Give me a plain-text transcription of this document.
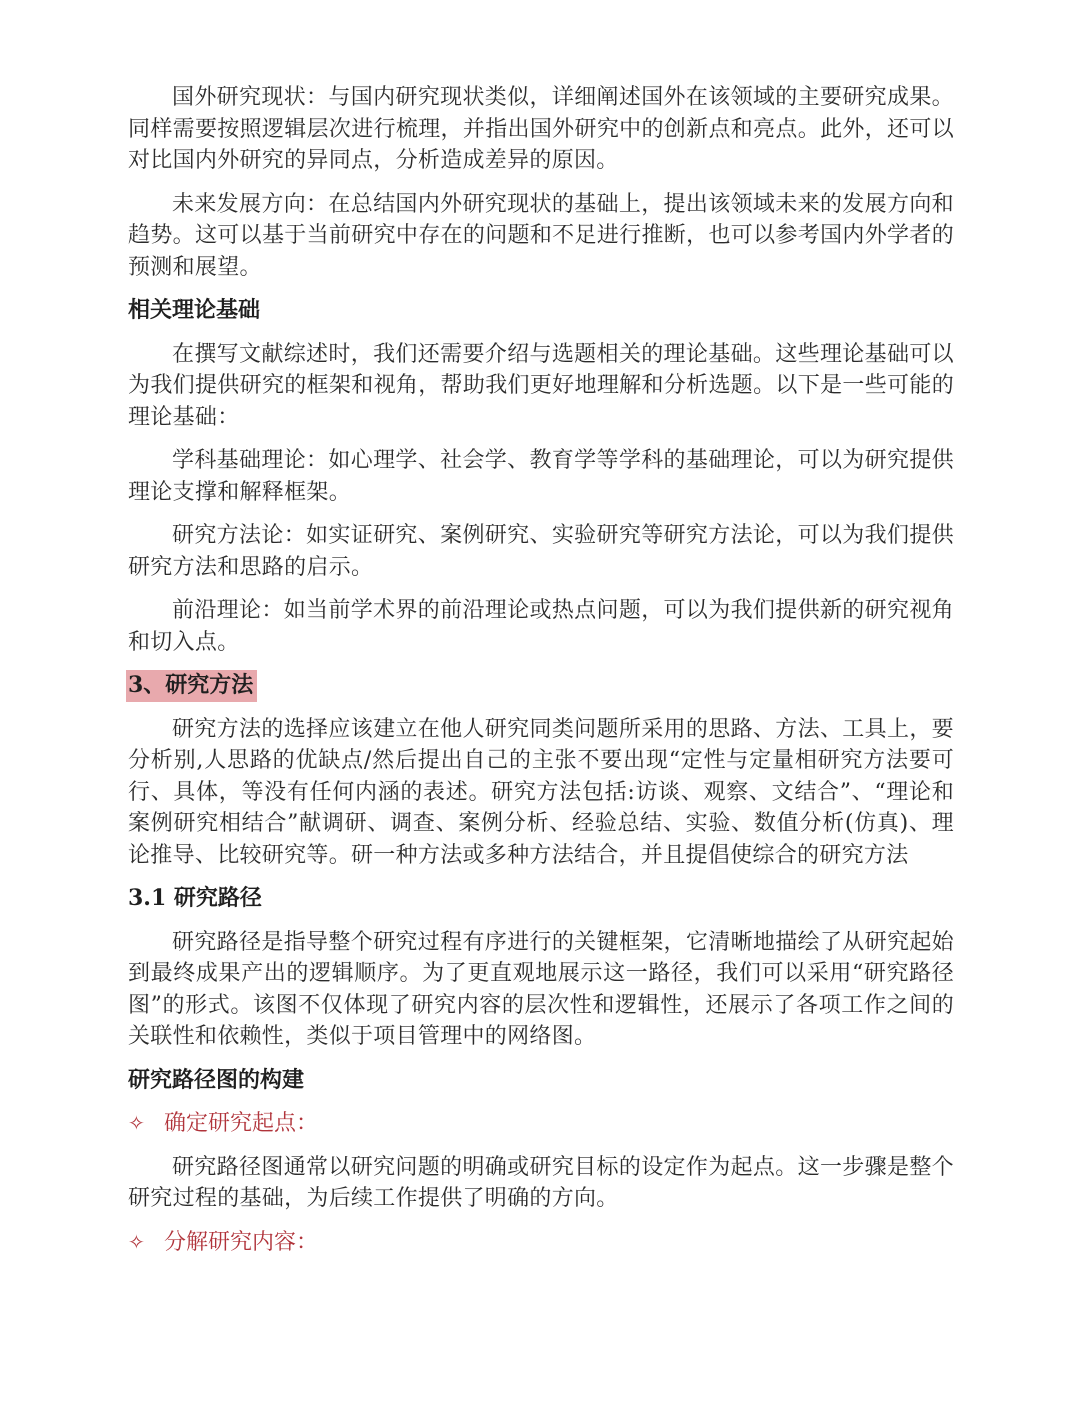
国外研究现状：与国内研究现状类似，详细阐述国外在该领域的主要研究成果。同样需要按照逻辑层次进行梳理，并指出国外研究中的创新点和亮点。此外，还可以对比国内外研究的异同点，分析造成差异的原因。

未来发展方向：在总结国内外研究现状的基础上，提出该领域未来的发展方向和趋势。这可以基于当前研究中存在的问题和不足进行推断，也可以参考国内外学者的预测和展望。

相关理论基础

在撰写文献综述时，我们还需要介绍与选题相关的理论基础。这些理论基础可以为我们提供研究的框架和视角，帮助我们更好地理解和分析选题。以下是一些可能的理论基础：

学科基础理论：如心理学、社会学、教育学等学科的基础理论，可以为研究提供理论支撑和解释框架。

研究方法论：如实证研究、案例研究、实验研究等研究方法论，可以为我们提供研究方法和思路的启示。

前沿理论：如当前学术界的前沿理论或热点问题，可以为我们提供新的研究视角和切入点。

3、研究方法

研究方法的选择应该建立在他人研究同类问题所采用的思路、方法、工具上，要分析别,人思路的优缺点/然后提出自己的主张不要出现“定性与定量相研究方法要可行、具体，等没有任何内涵的表述。研究方法包括:访谈、观察、文结合”、“理论和案例研究相结合”献调研、调查、案例分析、经验总结、实验、数值分析(仿真)、理论推导、比较研究等。研一种方法或多种方法结合，并且提倡使综合的研究方法

3.1 研究路径

研究路径是指导整个研究过程有序进行的关键框架，它清晰地描绘了从研究起始到最终成果产出的逻辑顺序。为了更直观地展示这一路径，我们可以采用“研究路径图”的形式。该图不仅体现了研究内容的层次性和逻辑性，还展示了各项工作之间的关联性和依赖性，类似于项目管理中的网络图。

研究路径图的构建
✧ 确定研究起点：

研究路径图通常以研究问题的明确或研究目标的设定作为起点。这一步骤是整个研究过程的基础，为后续工作提供了明确的方向。

✧ 分解研究内容：
